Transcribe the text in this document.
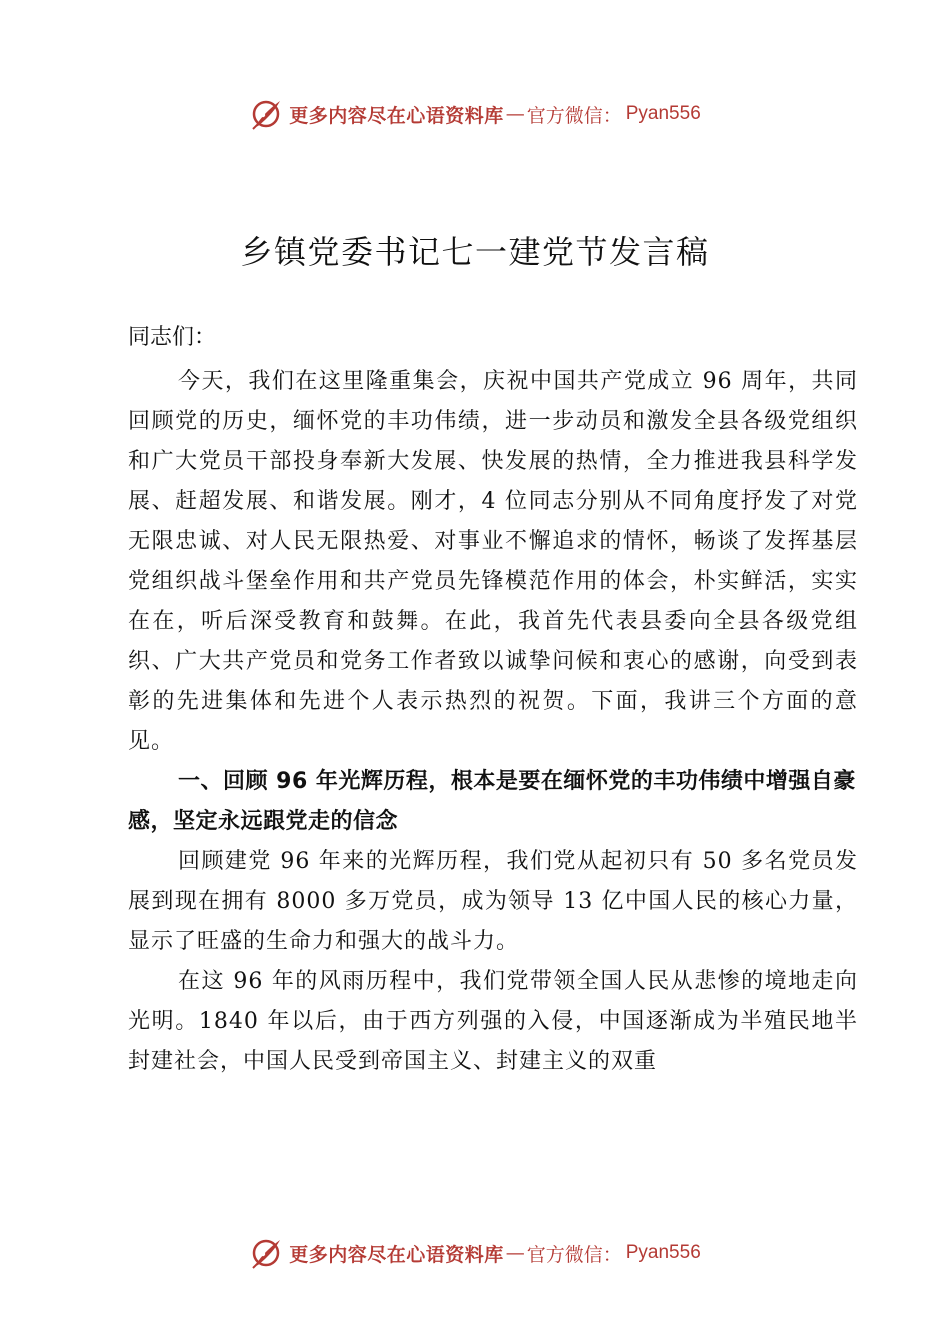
更多内容尽在心语资料库 — 官方微信： Pyan556
乡镇党委书记七一建党节发言稿
同志们：

今天，我们在这里隆重集会，庆祝中国共产党成立 96 周年，共同回顾党的历史，缅怀党的丰功伟绩，进一步动员和激发全县各级党组织和广大党员干部投身奉新大发展、快发展的热情，全力推进我县科学发展、赶超发展、和谐发展。刚才，4 位同志分别从不同角度抒发了对党无限忠诚、对人民无限热爱、对事业不懈追求的情怀，畅谈了发挥基层党组织战斗堡垒作用和共产党员先锋模范作用的体会，朴实鲜活，实实在在，听后深受教育和鼓舞。在此，我首先代表县委向全县各级党组织、广大共产党员和党务工作者致以诚挚问候和衷心的感谢，向受到表彰的先进集体和先进个人表示热烈的祝贺。下面，我讲三个方面的意见。

一、回顾 96 年光辉历程，根本是要在缅怀党的丰功伟绩中增强自豪感，坚定永远跟党走的信念

回顾建党 96 年来的光辉历程，我们党从起初只有 50 多名党员发展到现在拥有 8000 多万党员，成为领导 13 亿中国人民的核心力量，显示了旺盛的生命力和强大的战斗力。

在这 96 年的风雨历程中，我们党带领全国人民从悲惨的境地走向光明。1840 年以后，由于西方列强的入侵，中国逐渐成为半殖民地半封建社会，中国人民受到帝国主义、封建主义的双重

更多内容尽在心语资料库 — 官方微信： Pyan556
